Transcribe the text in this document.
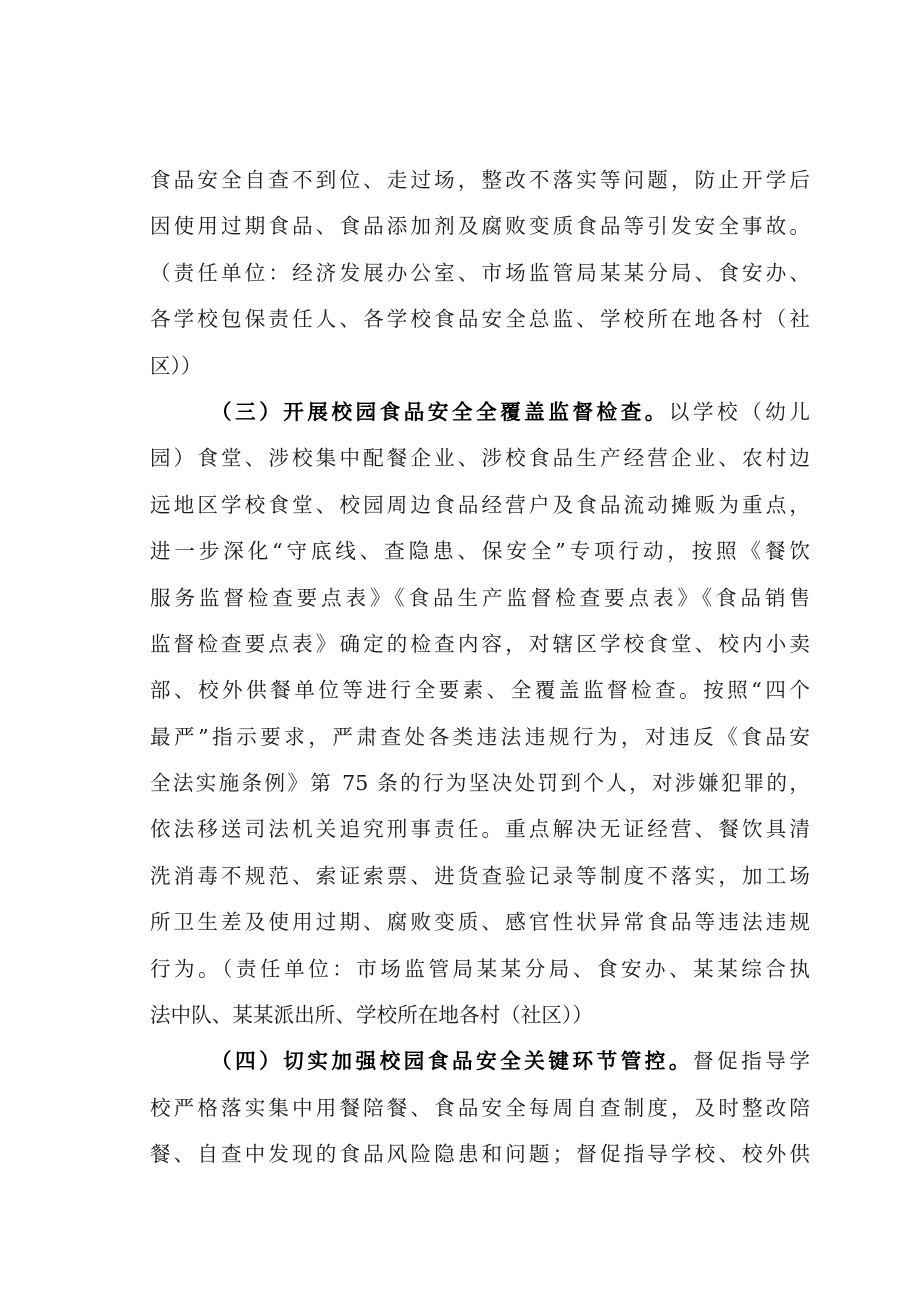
食品安全自查不到位、走过场，整改不落实等问题，防止开学后
因使用过期食品、食品添加剂及腐败变质食品等引发安全事故。
（责任单位：经济发展办公室、市场监管局某某分局、食安办、
各学校包保责任人、各学校食品安全总监、学校所在地各村（社
区））
（三）开展校园食品安全全覆盖监督检查。以学校（幼儿
园）食堂、涉校集中配餐企业、涉校食品生产经营企业、农村边
远地区学校食堂、校园周边食品经营户及食品流动摊贩为重点，
进一步深化“守底线、查隐患、保安全”专项行动，按照《餐饮
服务监督检查要点表》《食品生产监督检查要点表》《食品销售
监督检查要点表》确定的检查内容，对辖区学校食堂、校内小卖
部、校外供餐单位等进行全要素、全覆盖监督检查。按照“四个
最严”指示要求，严肃查处各类违法违规行为，对违反《食品安
全法实施条例》第 75 条的行为坚决处罚到个人，对涉嫌犯罪的，
依法移送司法机关追究刑事责任。重点解决无证经营、餐饮具清
洗消毒不规范、索证索票、进货查验记录等制度不落实，加工场
所卫生差及使用过期、腐败变质、感官性状异常食品等违法违规
行为。（责任单位：市场监管局某某分局、食安办、某某综合执
法中队、某某派出所、学校所在地各村（社区））
（四）切实加强校园食品安全关键环节管控。督促指导学
校严格落实集中用餐陪餐、食品安全每周自查制度，及时整改陪
餐、自查中发现的食品风险隐患和问题；督促指导学校、校外供
